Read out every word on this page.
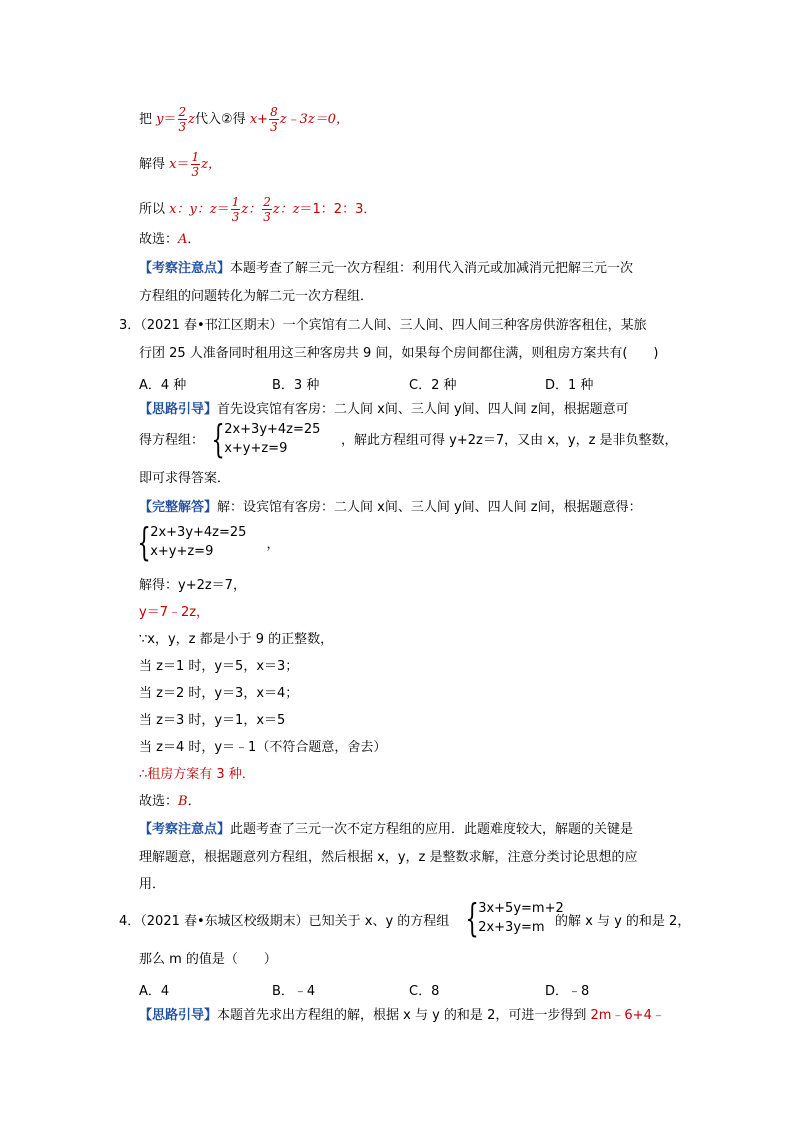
把 $y= \frac{2}{3}$ z代入②得 $x+ \frac{8}{3}$ z﹣3z＝0，
解得 $x= \frac{1}{3}$ z，
所以 x：y：$z= \frac{1}{3}$ z： $\frac{2}{3}$ z：z＝1：2：3．
故选：A．
【考察注意点】本题考查了解三元一次方程组：利用代入消元或加减消元把解三元一次
方程组的问题转化为解二元一次方程组．
3．（2021 春•邗江区期末）一个宾馆有二人间、三人间、四人间三种客房供游客租住，某旅
行团 25 人准备同时租用这三种客房共 9 间，如果每个房间都住满，则租房方案共有(　　)
A．4 种	B．3 种	C．2 种	D．1 种
【思路引导】首先设宾馆有客房：二人间 x间、三人间 y间、四人间 z间，根据题意可
得方程组： { 2x+3y+4z=25
x+y+z=9
，解此方程组可得 y+2z＝7，又由 x，y，z 是非负整数，
即可求得答案．
【完整解答】解：设宾馆有客房：二人间 x间、三人间 y间、四人间 z间，根据题意得：
{ 2x+3y+4z=25
x+y+z=9	，
解得：y+2z＝7，
y＝7﹣2z，
∵x，y，z 都是小于 9 的正整数，
当 z＝1 时，y＝5，x＝3；
当 z＝2 时，y＝3，x＝4；
当 z＝3 时，y＝1，x＝5
当 z＝4 时，y＝﹣1（不符合题意，舍去）
∴租房方案有 3 种．
故选：B．
【考察注意点】此题考查了三元一次不定方程组的应用．此题难度较大，解题的关键是
理解题意，根据题意列方程组，然后根据 x，y，z 是整数求解，注意分类讨论思想的应
用．
4．（2021 春•东城区校级期末）已知关于 x、y 的方程组 { 3x+5y=m+2
2x+3y=m 的解 x 与 y 的和是 2，
那么 m 的值是（　　）
A．4	B．﹣4	C．8	D．﹣8
【思路引导】本题首先求出方程组的解，根据 x 与 y 的和是 2，可进一步得到 2m﹣6+4﹣
